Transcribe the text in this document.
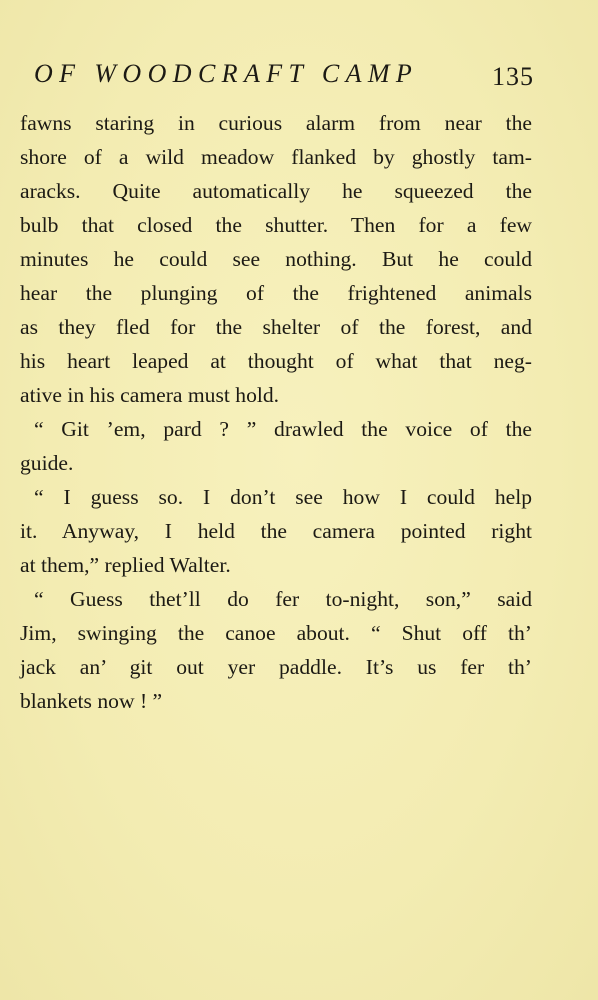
OF WOODCRAFT CAMP	135
fawns staring in curious alarm from near the
shore of a wild meadow flanked by ghostly tam-
aracks. Quite automatically he squeezed the
bulb that closed the shutter. Then for a few
minutes he could see nothing. But he could
hear the plunging of the frightened animals
as they fled for the shelter of the forest, and
his heart leaped at thought of what that neg-
ative in his camera must hold.
“ Git ’em, pard ? ” drawled the voice of the
guide.
“ I guess so. I don’t see how I could help
it. Anyway, I held the camera pointed right
at them,” replied Walter.
“ Guess thet’ll do fer to-night, son,” said
Jim, swinging the canoe about. “ Shut off th’
jack an’ git out yer paddle. It’s us fer th’
blankets now ! ”
